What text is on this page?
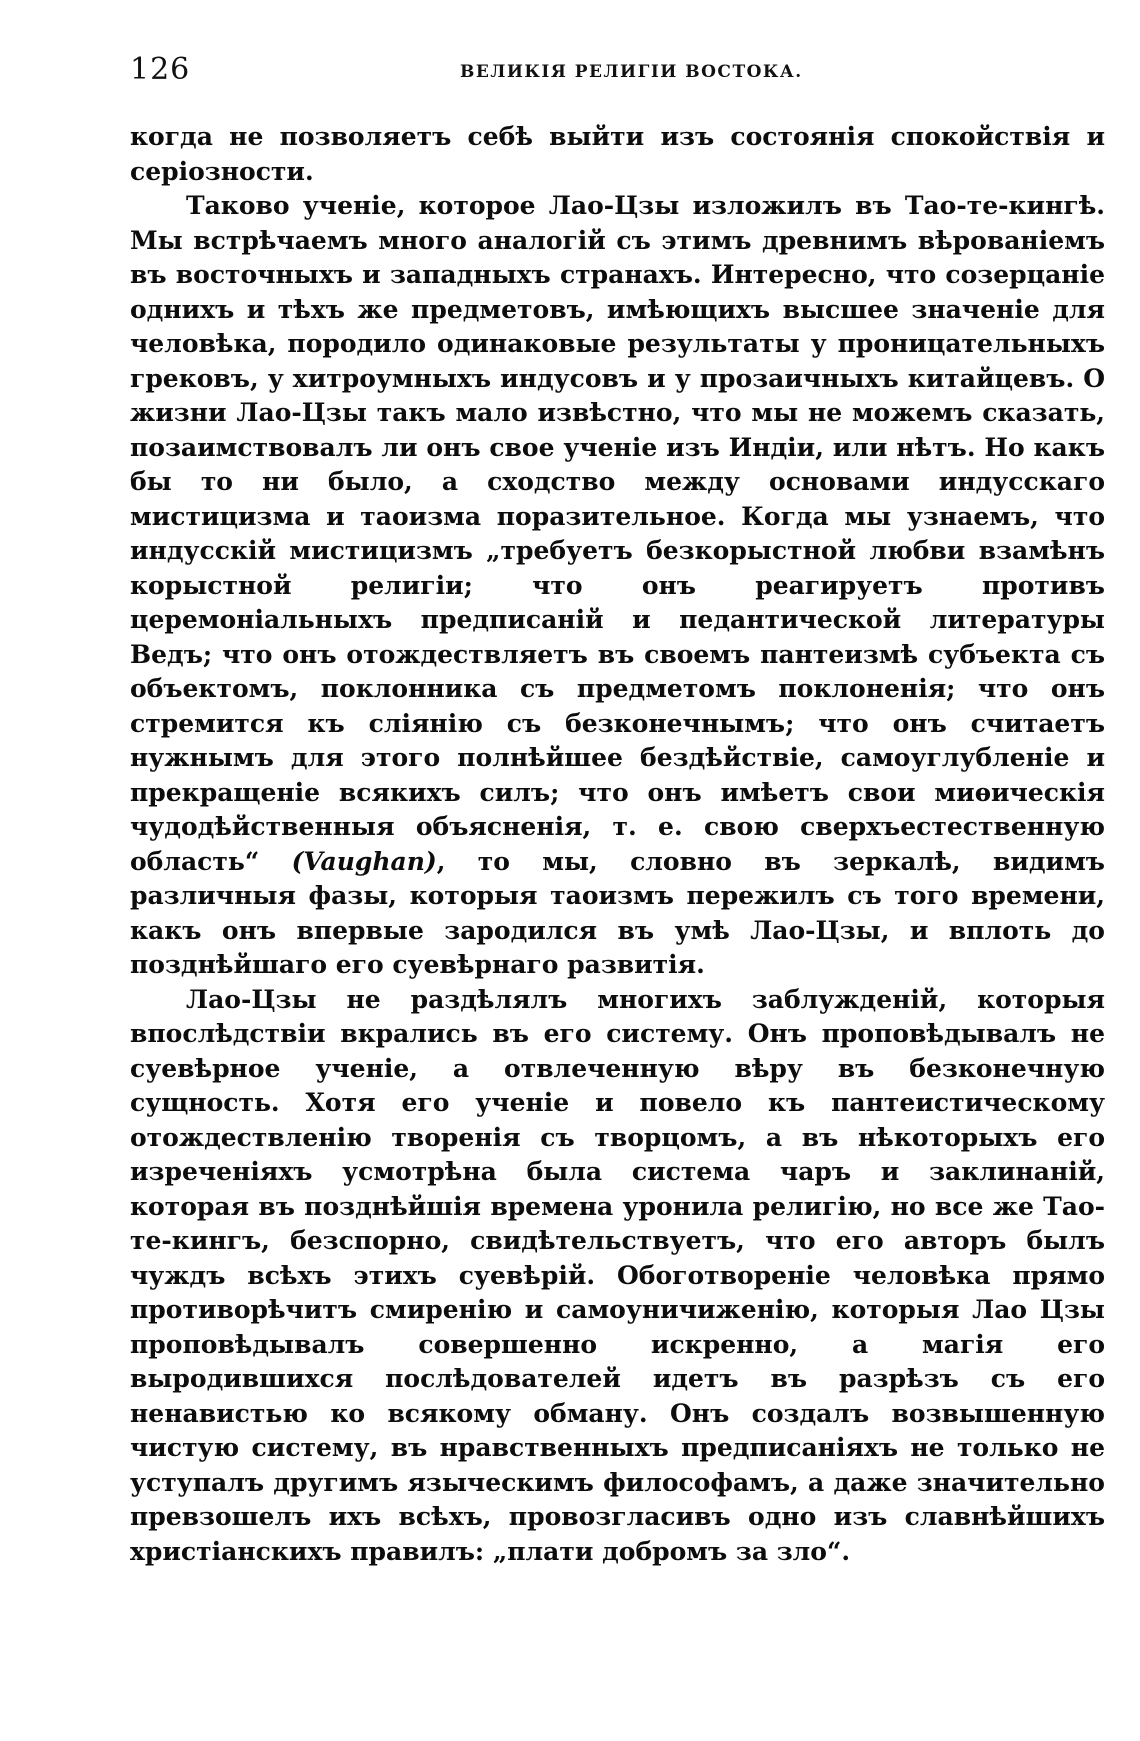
126	ВЕЛИКІЯ РЕЛИГІИ ВОСТОКА.

когда не позволяетъ себѣ выйти изъ состоянія спокойствія и серіозности.

Таково ученіе, которое Лао-Цзы изложилъ въ Тао-те-кингѣ. Мы встрѣчаемъ много аналогій съ этимъ древнимъ вѣрованіемъ въ восточныхъ и западныхъ странахъ. Интересно, что созерцаніе однихъ и тѣхъ же предметовъ, имѣющихъ высшее значеніе для человѣка, породило одинаковые результаты у проницательныхъ грековъ, у хитроумныхъ индусовъ и у прозаичныхъ китайцевъ. О жизни Лао-Цзы такъ мало извѣстно, что мы не можемъ сказать, позаимствовалъ ли онъ свое ученіе изъ Индіи, или нѣтъ. Но какъ бы то ни было, а сходство между основами индусскаго мистицизма и таоизма поразительное. Когда мы узнаемъ, что индусскій мистицизмъ „требуетъ безкорыстной любви взамѣнъ корыстной религіи; что онъ реагируетъ противъ церемоніальныхъ предписаній и педантической литературы Ведъ; что онъ отождествляетъ въ своемъ пантеизмѣ субъекта съ объектомъ, поклонника съ предметомъ поклоненія; что онъ стремится къ слiянiю съ безконечнымъ; что онъ считаетъ нужнымъ для этого полнѣйшее бездѣйствіе, самоуглубленіе и прекращеніе всякихъ силъ; что онъ имѣетъ свои миѳическія чудодѣйственныя объясненія, т. е. свою сверхъестественную область“ (Vaughan), то мы, словно въ зеркалѣ, видимъ различныя фазы, которыя таоизмъ пережилъ съ того времени, какъ онъ впервые зародился въ умѣ Лао-Цзы, и вплоть до позднѣйшаго его суевѣрнаго развитія.

Лао-Цзы не раздѣлялъ многихъ заблужденій, которыя впослѣдствіи вкрались въ его систему. Онъ проповѣдывалъ не суевѣрное ученіе, а отвлеченную вѣру въ безконечную сущность. Хотя его ученіе и повело къ пантеистическому отождествленію творенія съ творцомъ, а въ нѣкоторыхъ его изреченіяхъ усмотрѣна была система чаръ и заклинаній, которая въ позднѣйшія времена уронила религію, но все же Тао-те-кингъ, безспорно, свидѣтельствуетъ, что его авторъ былъ чуждъ всѣхъ этихъ суевѣрій. Обоготвореніе человѣка прямо противорѣчитъ смиренію и самоуничиженію, которыя Лао Цзы проповѣдывалъ совершенно искренно, а магія его выродившихся послѣдователей идетъ въ разрѣзъ съ его ненавистью ко всякому обману. Онъ создалъ возвышенную чистую систему, въ нравственныхъ предписаніяхъ не только не уступалъ другимъ языческимъ философамъ, а даже значительно превзошелъ ихъ всѣхъ, провозгласивъ одно изъ славнѣйшихъ христіанскихъ правилъ: „плати добромъ за зло“.
